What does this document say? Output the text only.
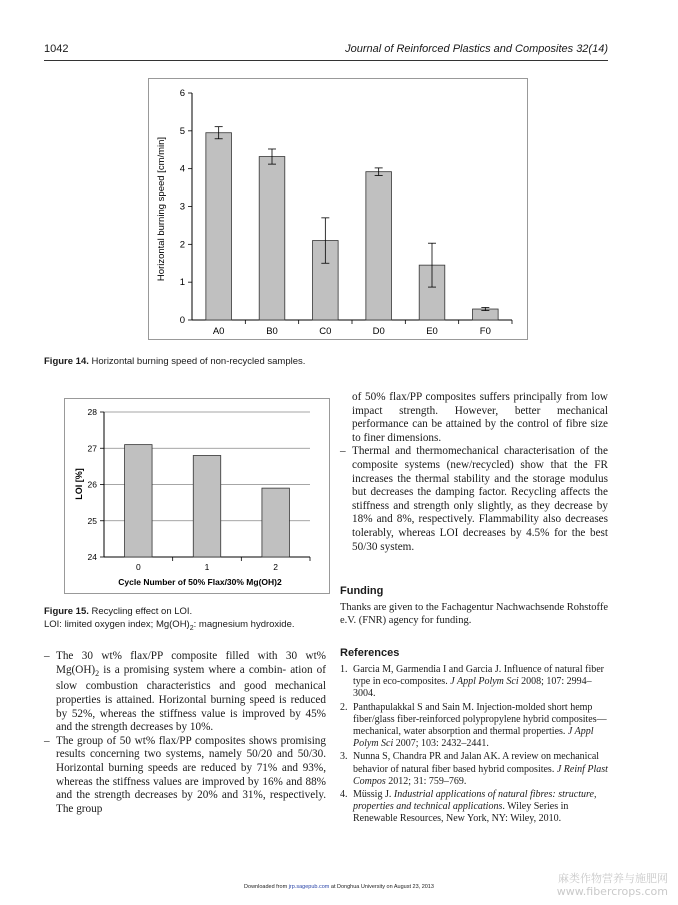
1042	Journal of Reinforced Plastics and Composites 32(14)
Horizontal burning speed [cm/min]
0
1
2
3
4
5
6
A0	B0	C0	D0	E0	F0
Figure 14. Horizontal burning speed of non-recycled samples.
LOI [%]
Cycle Number of 50% Flax/30% Mg(OH)2
24
25
26
27
28
0	1	2
Figure 15. Recycling effect on LOI.
LOI: limited oxygen index; $Mg(OH)_2$: magnesium hydroxide.
– The 30 wt% flax/PP composite filled with 30 wt% $Mg(OH)_2$ is a promising system where a combin- ation of slow combustion characteristics and good mechanical properties is attained. Horizontal burning speed is reduced by 52%, whereas the stiffness value is improved by 45% and the strength decreases by 10%.

– The group of 50 wt% flax/PP composites shows promising results concerning two systems, namely 50/20 and 50/30. Horizontal burning speeds are reduced by 71% and 93%, whereas the stiffness values are improved by 16% and 88% and the strength decreases by 20% and 31%, respectively. The group

of 50% flax/PP composites suffers principally from low impact strength. However, better mechanical performance can be attained by the control of fibre size to finer dimensions.

– Thermal and thermomechanical characterisation of the composite systems (new/recycled) show that the FR increases the thermal stability and the storage modulus but decreases the damping factor. Recycling affects the stiffness and strength only slightly, as they decrease by 18% and 8%, respectively. Flammability also decreases tolerably, whereas LOI decreases by 4.5% for the best 50/30 system.

Funding
Thanks are given to the Fachagentur Nachwachsende Rohstoffe e.V. (FNR) agency for funding.
References
1. Garcia M, Garmendia I and Garcia J. Influence of natural fiber type in eco-composites. J Appl Polym Sci 2008; 107: 2994–3004.
2. Panthapulakkal S and Sain M. Injection-molded short hemp fiber/glass fiber-reinforced polypropylene hybrid composites—mechanical, water absorption and thermal properties. J Appl Polym Sci 2007; 103: 2432–2441.
3. Nunna S, Chandra PR and Jalan AK. A review on mechanical behavior of natural fiber based hybrid composites. J Reinf Plast Compos 2012; 31: 759–769.
4. Müssig J. Industrial applications of natural fibres: structure, properties and technical applications. Wiley Series in Renewable Resources, New York, NY: Wiley, 2010.
Downloaded from jrp.sagepub.com at Donghua University on August 23, 2013
麻类作物营养与施肥网
www.fibercrops.com
